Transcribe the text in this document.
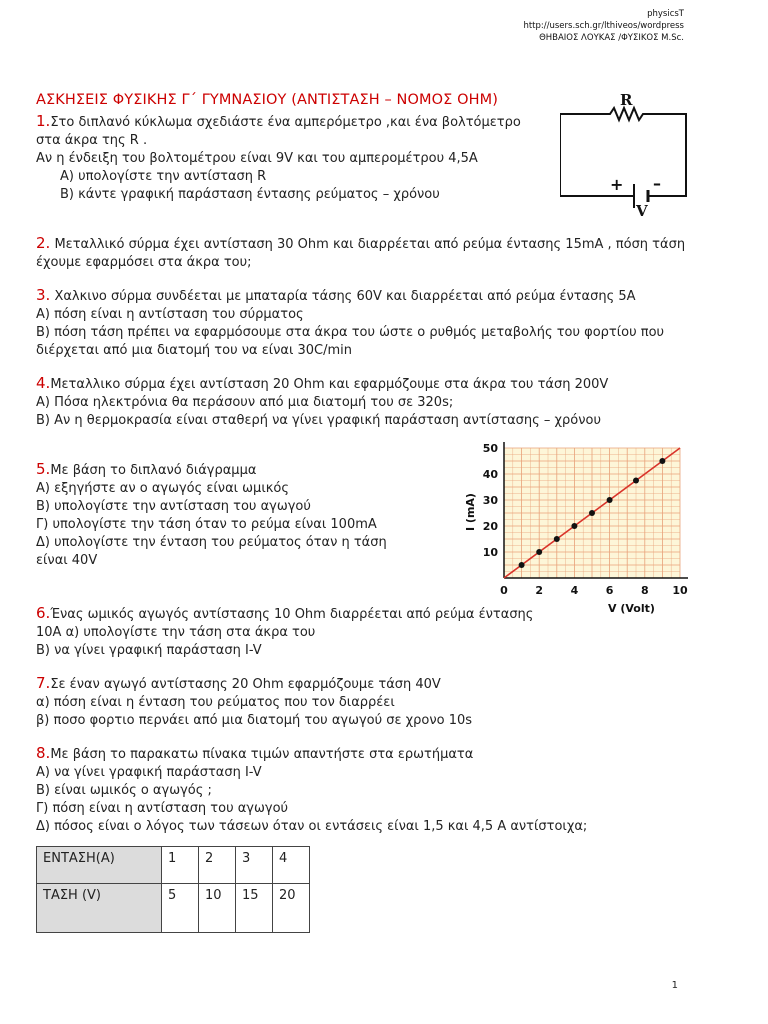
physicsT
http://users.sch.gr/lthiveos/wordpress
ΘΗΒΑΙΟΣ ΛΟΥΚΑΣ /ΦΥΣΙΚΟΣ M.Sc.
ΑΣΚΗΣΕΙΣ ΦΥΣΙΚΗΣ Γ΄ ΓΥΜΝΑΣΙΟΥ (ΑΝΤΙΣΤΑΣΗ – ΝΟΜΟΣ OHM)
1.Στο διπλανό κύκλωμα σχεδιάστε ένα αμπερόμετρο ,και ένα βολτόμετρο
στα άκρα της R .
Αν η ένδειξη του βολτομέτρου είναι 9V και του αμπερομέτρου 4,5A
Α) υπολογίστε την αντίσταση R
Β) κάντε γραφική παράσταση έντασης ρεύματος – χρόνου
R
+ –
V
2. Μεταλλικό σύρμα έχει αντίσταση 30 Ohm και διαρρέεται από ρεύμα έντασης 15mA , πόση τάση
έχουμε εφαρμόσει στα άκρα του;
3. Χαλκινο σύρμα συνδέεται με μπαταρία τάσης 60V και διαρρέεται από ρεύμα έντασης 5A
Α) πόση είναι η αντίσταση του σύρματος
Β) πόση τάση πρέπει να εφαρμόσουμε στα άκρα του ώστε ο ρυθμός μεταβολής του φορτίου που
διέρχεται από μια διατομή του να είναι 30C/min
4.Μεταλλικο σύρμα έχει αντίσταση 20 Ohm και εφαρμόζουμε στα άκρα του τάση 200V
Α) Πόσα ηλεκτρόνια θα περάσουν από μια διατομή του σε 320s;
Β) Αν η θερμοκρασία είναι σταθερή να γίνει γραφική παράσταση αντίστασης – χρόνου
5.Με βάση το διπλανό διάγραμμα
Α) εξηγήστε αν ο αγωγός είναι ωμικός
Β) υπολογίστε την αντίσταση του αγωγού
Γ) υπολογίστε την τάση όταν το ρεύμα είναι 100mA
Δ) υπολογίστε την ένταση του ρεύματος όταν η τάση
είναι 40V
0	2	4	6	8 10
10
20
30
40
50
I (mA)
V (Volt)
6.Ένας ωμικός αγωγός αντίστασης 10 Ohm διαρρέεται από ρεύμα έντασης
10A α) υπολογίστε την τάση στα άκρα του
Β) να γίνει γραφική παράσταση I-V
7.Σε έναν αγωγό αντίστασης 20 Ohm εφαρμόζουμε τάση 40V
α) πόση είναι η ένταση του ρεύματος που τον διαρρέει
β) ποσο φορτιο περνάει από μια διατομή του αγωγού σε χρονο 10s
8.Με βάση το παρακατω πίνακα τιμών απαντήστε στα ερωτήματα
Α) να γίνει γραφική παράσταση I-V
Β) είναι ωμικός ο αγωγός ;
Γ) πόση είναι η αντίσταση του αγωγού
Δ) πόσος είναι ο λόγος των τάσεων όταν οι εντάσεις είναι 1,5 και 4,5 A αντίστοιχα;
ΕΝΤΑΣΗ(A)	1	2	3	4
ΤΑΣΗ (V)	5	10	15	20
1
